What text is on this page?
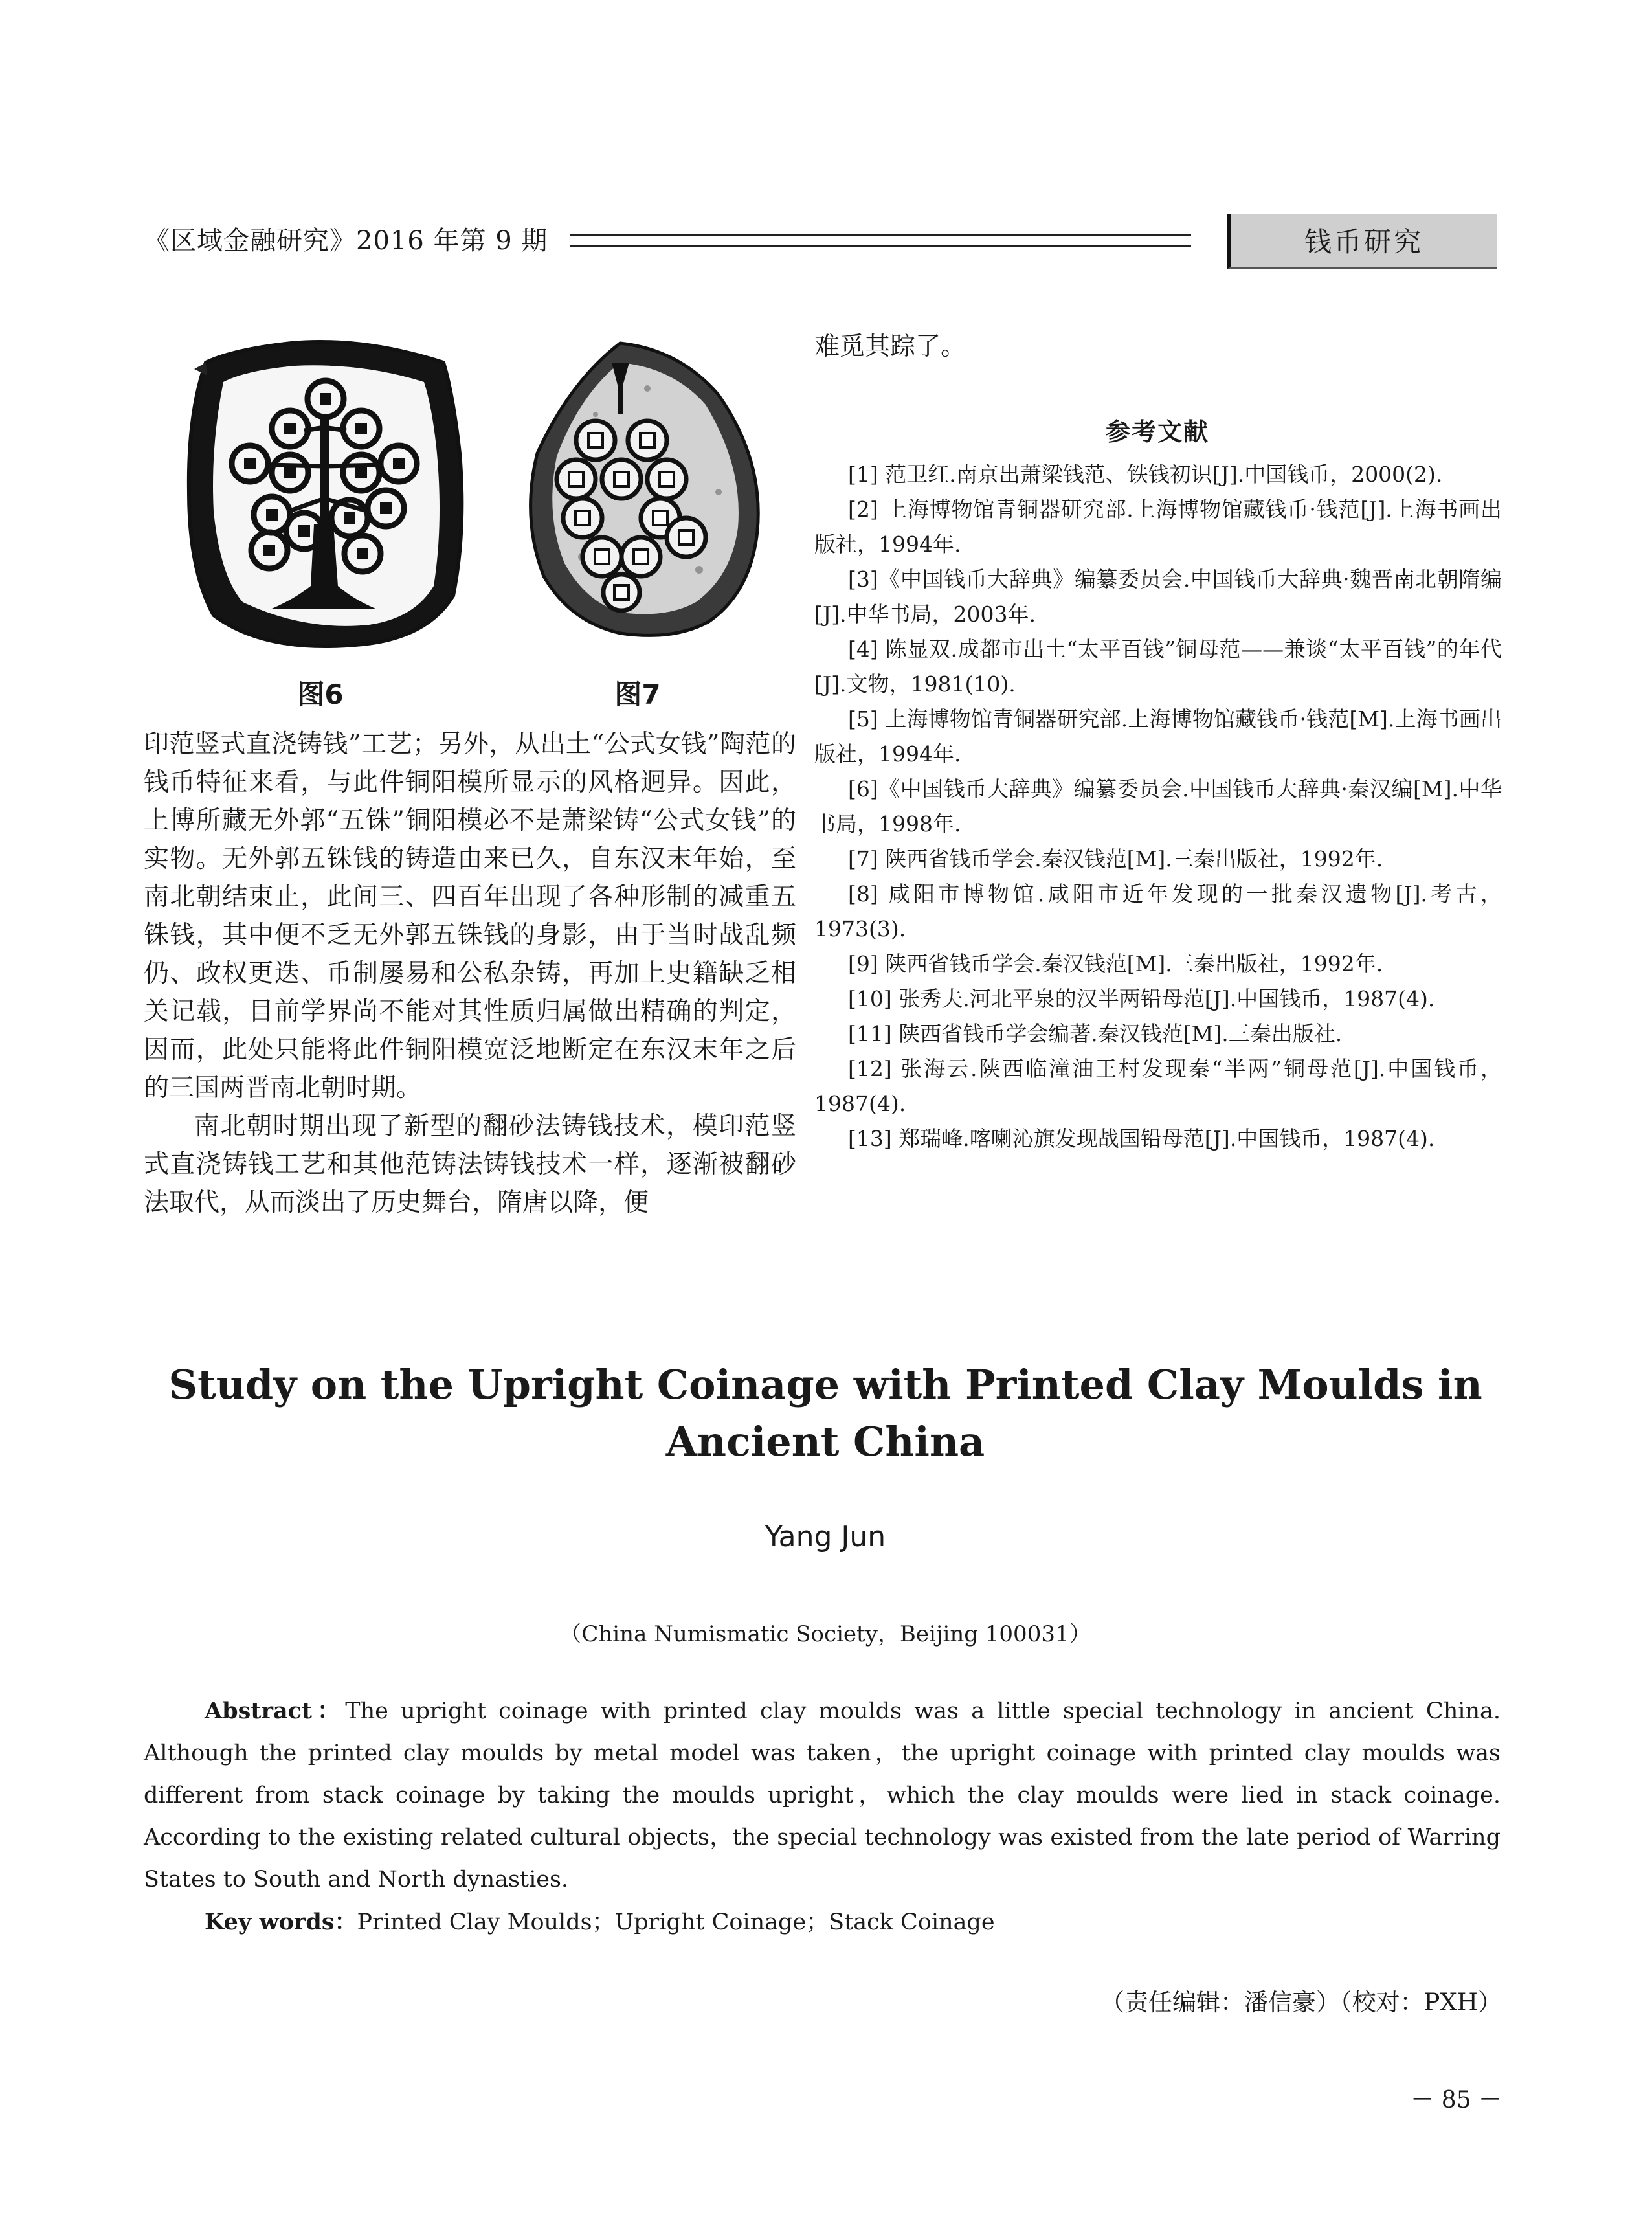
《区域金融研究》2016 年第 9 期	钱币研究
图6	图7

印范竖式直浇铸钱”工艺；另外，从出土“公式女钱”陶范的钱币特征来看，与此件铜阳模所显示的风格迥异。因此，上博所藏无外郭“五铢”铜阳模必不是萧梁铸“公式女钱”的实物。无外郭五铢钱的铸造由来已久，自东汉末年始，至南北朝结束止，此间三、四百年出现了各种形制的减重五铢钱，其中便不乏无外郭五铢钱的身影，由于当时战乱频仍、政权更迭、币制屡易和公私杂铸，再加上史籍缺乏相关记载，目前学界尚不能对其性质归属做出精确的判定，因而，此处只能将此件铜阳模宽泛地断定在东汉末年之后的三国两晋南北朝时期。

南北朝时期出现了新型的翻砂法铸钱技术，模印范竖式直浇铸钱工艺和其他范铸法铸钱技术一样，逐渐被翻砂法取代，从而淡出了历史舞台，隋唐以降，便

难觅其踪了。
参考文献
[1] 范卫红.南京出萧梁钱范、铁钱初识[J].中国钱币，2000(2).
[2] 上海博物馆青铜器研究部.上海博物馆藏钱币·钱范[J].上海书画出版社，1994年.
[3]《中国钱币大辞典》编纂委员会.中国钱币大辞典·魏晋南北朝隋编[J].中华书局，2003年.
[4] 陈显双.成都市出土“太平百钱”铜母范——兼谈“太平百钱”的年代[J].文物，1981(10).
[5] 上海博物馆青铜器研究部.上海博物馆藏钱币·钱范[M].上海书画出版社，1994年.
[6]《中国钱币大辞典》编纂委员会.中国钱币大辞典·秦汉编[M].中华书局，1998年.
[7] 陕西省钱币学会.秦汉钱范[M].三秦出版社，1992年.
[8] 咸阳市博物馆.咸阳市近年发现的一批秦汉遗物[J].考古，1973(3).
[9] 陕西省钱币学会.秦汉钱范[M].三秦出版社，1992年.
[10] 张秀夫.河北平泉的汉半两铅母范[J].中国钱币，1987(4).
[11] 陕西省钱币学会编著.秦汉钱范[M].三秦出版社.
[12] 张海云.陕西临潼油王村发现秦“半两”铜母范[J].中国钱币，1987(4).
[13] 郑瑞峰.喀喇沁旗发现战国铅母范[J].中国钱币，1987(4).
Study on the Upright Coinage with Printed Clay Moulds in Ancient China
Yang Jun
（China Numismatic Society，Beijing 100031）

Abstract：The upright coinage with printed clay moulds was a little special technology in ancient China. Although the printed clay moulds by metal model was taken，the upright coinage with printed clay moulds was different from stack coinage by taking the moulds upright，which the clay moulds were lied in stack coinage. According to the existing related cultural objects，the special technology was existed from the late period of Warring States to South and North dynasties.

Key words：Printed Clay Moulds；Upright Coinage；Stack Coinage

（责任编辑：潘信豪）（校对：PXH）
－ 85 －
